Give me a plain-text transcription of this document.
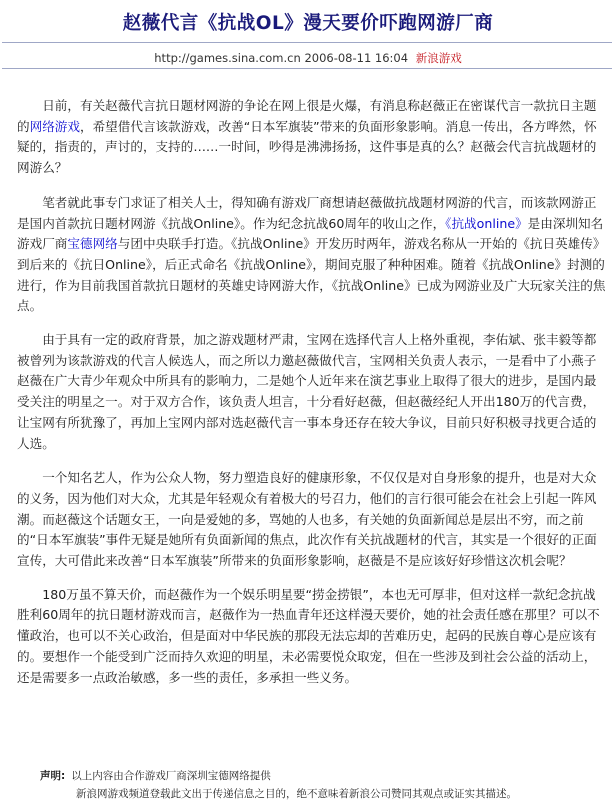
赵薇代言《抗战OL》漫天要价吓跑网游厂商
http://games.sina.com.cn 2006-08-11 16:04 新浪游戏

日前，有关赵薇代言抗日题材网游的争论在网上很是火爆，有消息称赵薇正在密谋代言一款抗日主题的网络游戏，希望借代言该款游戏，改善“日本军旗装”带来的负面形象影响。消息一传出，各方哗然，怀疑的，指责的，声讨的，支持的……一时间，吵得是沸沸扬扬，这件事是真的么？赵薇会代言抗战题材的网游么？

笔者就此事专门求证了相关人士，得知确有游戏厂商想请赵薇做抗战题材网游的代言，而该款网游正是国内首款抗日题材网游《抗战Online》。作为纪念抗战60周年的收山之作，《抗战online》是由深圳知名游戏厂商宝德网络与团中央联手打造。《抗战Online》开发历时两年，游戏名称从一开始的《抗日英雄传》到后来的《抗日Online》，后正式命名《抗战Online》，期间克服了种种困难。随着《抗战Online》封测的进行，作为目前我国首款抗日题材的英雄史诗网游大作，《抗战Online》已成为网游业及广大玩家关注的焦点。

由于具有一定的政府背景，加之游戏题材严肃，宝网在选择代言人上格外重视，李佑斌、张丰毅等都被曾列为该款游戏的代言人候选人，而之所以力邀赵薇做代言，宝网相关负责人表示，一是看中了小燕子赵薇在广大青少年观众中所具有的影响力，二是她个人近年来在演艺事业上取得了很大的进步，是国内最受关注的明星之一。对于双方合作，该负责人坦言，十分看好赵薇，但赵薇经纪人开出180万的代言费，让宝网有所犹豫了，再加上宝网内部对选赵薇代言一事本身还存在较大争议，目前只好积极寻找更合适的人选。

一个知名艺人，作为公众人物，努力塑造良好的健康形象，不仅仅是对自身形象的提升，也是对大众的义务，因为他们对大众，尤其是年轻观众有着极大的号召力，他们的言行很可能会在社会上引起一阵风潮。而赵薇这个话题女王，一向是爱她的多，骂她的人也多，有关她的负面新闻总是层出不穷，而之前的“日本军旗装”事件无疑是她所有负面新闻的焦点，此次作有关抗战题材的代言，其实是一个很好的正面宣传，大可借此来改善“日本军旗装”所带来的负面形象影响，赵薇是不是应该好好珍惜这次机会呢？

180万虽不算天价，而赵薇作为一个娱乐明星要“捞金捞银”，本也无可厚非，但对这样一款纪念抗战胜利60周年的抗日题材游戏而言，赵薇作为一热血青年还这样漫天要价，她的社会责任感在那里？可以不懂政治，也可以不关心政治，但是面对中华民族的那段无法忘却的苦难历史，起码的民族自尊心是应该有的。要想作一个能受到广泛而持久欢迎的明星，未必需要悦众取宠，但在一些涉及到社会公益的活动上，还是需要多一点政治敏感，多一些的责任，多承担一些义务。

声明: 以上内容由合作游戏厂商深圳宝德网络提供
新浪网游戏频道登载此文出于传递信息之目的，绝不意味着新浪公司赞同其观点或证实其描述。
